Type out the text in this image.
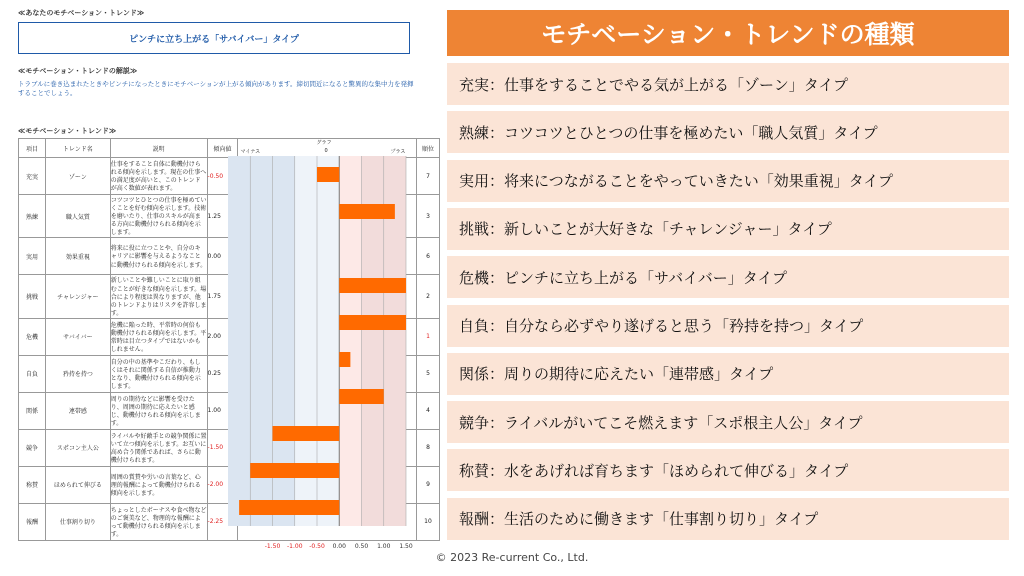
≪あなたのモチベーション・トレンド≫
ピンチに立ち上がる「サバイバー」タイプ
≪モチベーション・トレンドの解説≫
トラブルに巻き込まれたときやピンチになったときにモチベーションが上がる傾向があります。締切間近になると驚異的な集中力を発揮することでしょう。
≪モチベーション・トレンド≫
項目	トレンド名	説明	傾向値	グラフ
マイナス 0 プラス	順位
充実	ゾーン	仕事をすること自体に動機付けられる傾向を示します。現在の仕事への満足度が高いと、このトレンドが高く数値が表れます。	-0.50		7
熟練	職人気質	コツコツとひとつの仕事を極めていくことを好む傾向を示します。技術を磨いたり、仕事のスキルが高まる方向に動機付けられる傾向を示します。	1.25		3
実用	効果重視	将来に役に立つことや、自分のキャリアに影響を与えるようなことに動機付けられる傾向を示します。	0.00		6
挑戦	チャレンジャー	新しいことや難しいことに取り組むことが好きな傾向を示します。場合により程度は異なりますが、他のトレンドよりはリスクを許容します。	1.75		2
危機	サバイバー	危機に陥った時、平常時の何倍も動機付けられる傾向を示します。平常時は目立つタイプではないかもしれません。	2.00		1
自負	矜持を持つ	自分の中の基準やこだわり、もしくはそれに関係する自信が推動力となり、動機付けられる傾向を示します。	0.25		5
関係	連帯感	周りの期待などに影響を受けたり、周囲の期待に応えたいと感じ、動機付けられる傾向を示します。	1.00		4
競争	スポコン主人公	ライバルや好敵手との競争関係に置いて立つ傾向を示します。お互いに高め合う関係であれば、さらに動機付けられます。	-1.50		8
称賛	ほめられて伸びる	周囲の賞賛や労いの言葉など、心理的報酬によって動機付けられる傾向を示します。	-2.00		9
報酬	仕事割り切り	ちょっとしたボーナスや食べ物などのご褒美など、物理的な報酬によって動機付けられる傾向を示します。	-2.25		10
-1.50 -1.00 -0.50 0.00 0.50 1.00 1.50
モチベーション・トレンドの種類
充実：仕事をすることでやる気が上がる「ゾーン」タイプ
熟練：コツコツとひとつの仕事を極めたい「職人気質」タイプ
実用：将来につながることをやっていきたい「効果重視」タイプ
挑戦：新しいことが大好きな「チャレンジャー」タイプ
危機：ピンチに立ち上がる「サバイバー」タイプ
自負：自分なら必ずやり遂げると思う「矜持を持つ」タイプ
関係：周りの期待に応えたい「連帯感」タイプ
競争：ライバルがいてこそ燃えます「スポ根主人公」タイプ
称賛：水をあげれば育ちます「ほめられて伸びる」タイプ
報酬：生活のために働きます「仕事割り切り」タイプ
© 2023 Re-current Co., Ltd.
